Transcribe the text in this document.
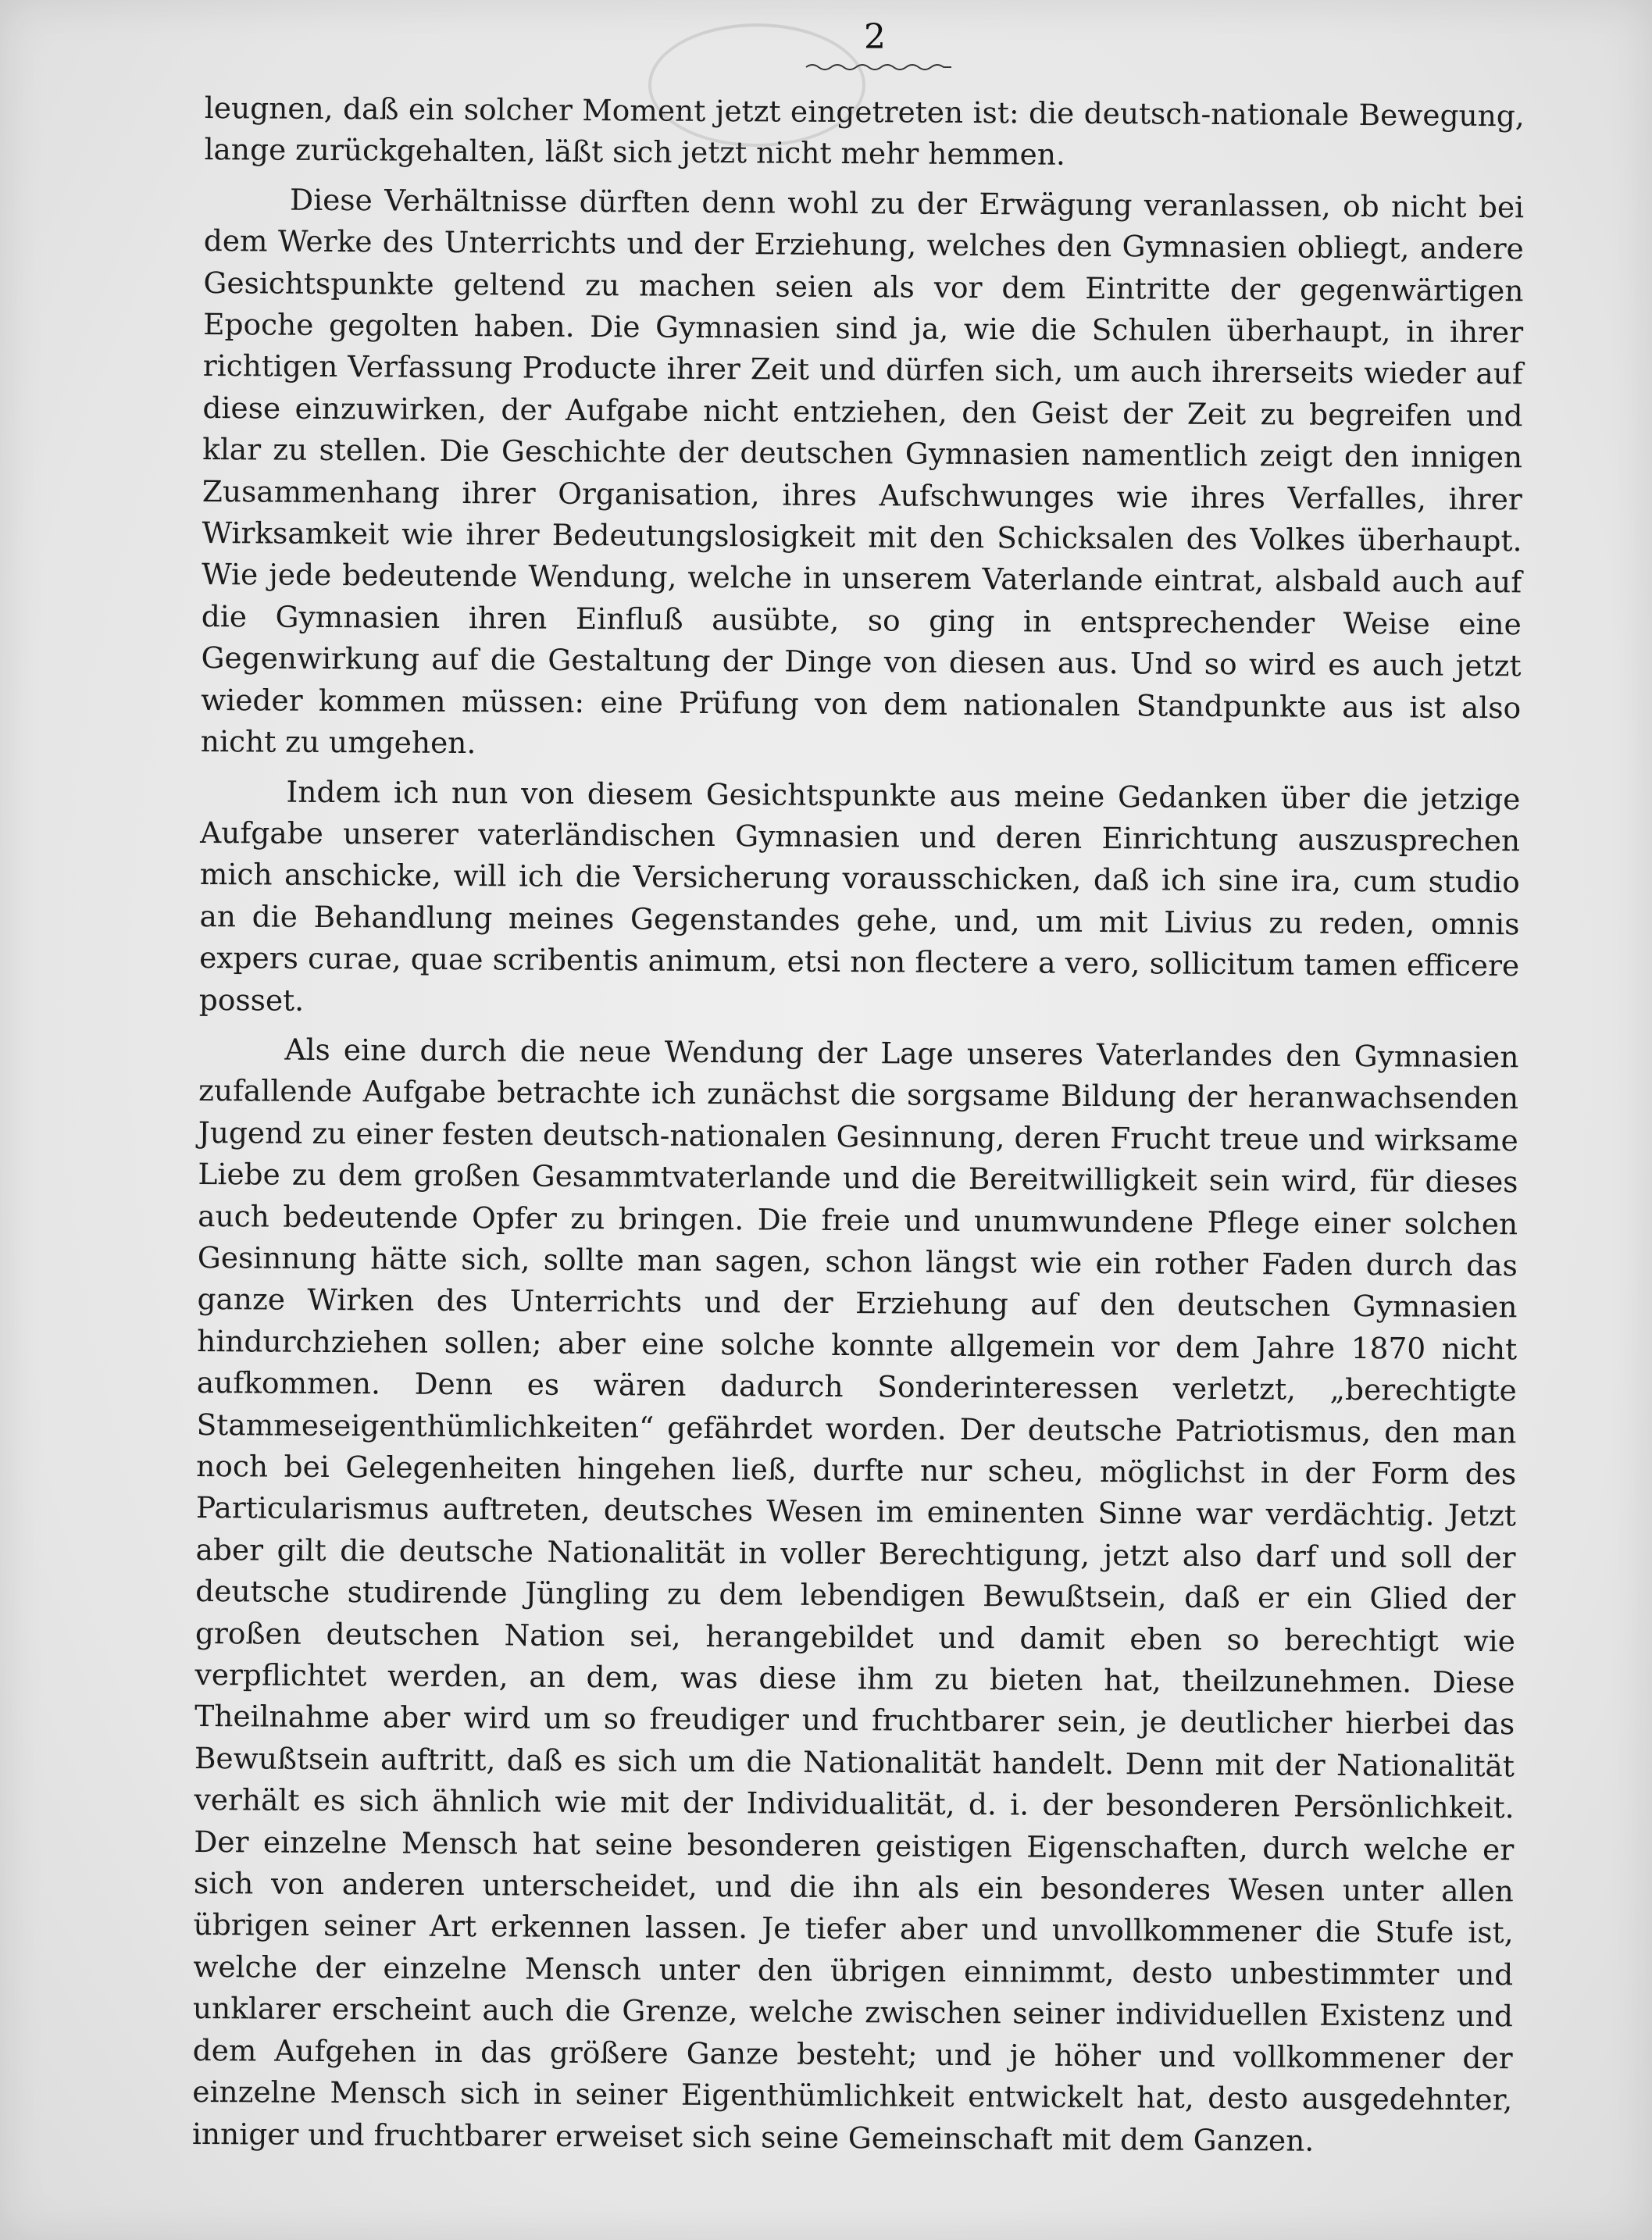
2

leugnen, daß ein solcher Moment jetzt eingetreten ist: die deutsch-nationale Bewegung, lange zurückgehalten, läßt sich jetzt nicht mehr hemmen.

Diese Verhältnisse dürften denn wohl zu der Erwägung veranlassen, ob nicht bei dem Werke des Unterrichts und der Erziehung, welches den Gymnasien obliegt, andere Gesichtspunkte geltend zu machen seien als vor dem Eintritte der gegenwärtigen Epoche gegolten haben. Die Gymnasien sind ja, wie die Schulen überhaupt, in ihrer richtigen Verfassung Producte ihrer Zeit und dürfen sich, um auch ihrerseits wieder auf diese einzuwirken, der Aufgabe nicht entziehen, den Geist der Zeit zu begreifen und klar zu stellen. Die Geschichte der deutschen Gymnasien namentlich zeigt den innigen Zusammenhang ihrer Organisation, ihres Aufschwunges wie ihres Verfalles, ihrer Wirksamkeit wie ihrer Bedeutungslosigkeit mit den Schicksalen des Volkes überhaupt. Wie jede bedeutende Wendung, welche in unserem Vaterlande eintrat, alsbald auch auf die Gymnasien ihren Einfluß ausübte, so ging in entsprechender Weise eine Gegenwirkung auf die Gestaltung der Dinge von diesen aus. Und so wird es auch jetzt wieder kommen müssen: eine Prüfung von dem nationalen Standpunkte aus ist also nicht zu umgehen.

Indem ich nun von diesem Gesichtspunkte aus meine Gedanken über die jetzige Aufgabe unserer vaterländischen Gymnasien und deren Einrichtung auszusprechen mich anschicke, will ich die Versicherung vorausschicken, daß ich sine ira, cum studio an die Behandlung meines Gegenstandes gehe, und, um mit Livius zu reden, omnis expers curae, quae scribentis animum, etsi non flectere a vero, sollicitum tamen efficere posset.

Als eine durch die neue Wendung der Lage unseres Vaterlandes den Gymnasien zufallende Aufgabe betrachte ich zunächst die sorgsame Bildung der heranwachsenden Jugend zu einer festen deutsch-nationalen Gesinnung, deren Frucht treue und wirksame Liebe zu dem großen Gesammtvaterlande und die Bereitwilligkeit sein wird, für dieses auch bedeutende Opfer zu bringen. Die freie und unumwundene Pflege einer solchen Gesinnung hätte sich, sollte man sagen, schon längst wie ein rother Faden durch das ganze Wirken des Unterrichts und der Erziehung auf den deutschen Gymnasien hindurchziehen sollen; aber eine solche konnte allgemein vor dem Jahre 1870 nicht aufkommen. Denn es wären dadurch Sonderinteressen verletzt, „berechtigte Stammeseigenthümlichkeiten“ gefährdet worden. Der deutsche Patriotismus, den man noch bei Gelegenheiten hingehen ließ, durfte nur scheu, möglichst in der Form des Particularismus auftreten, deutsches Wesen im eminenten Sinne war verdächtig. Jetzt aber gilt die deutsche Nationalität in voller Berechtigung, jetzt also darf und soll der deutsche studirende Jüngling zu dem lebendigen Bewußtsein, daß er ein Glied der großen deutschen Nation sei, herangebildet und damit eben so berechtigt wie verpflichtet werden, an dem, was diese ihm zu bieten hat, theilzunehmen. Diese Theilnahme aber wird um so freudiger und fruchtbarer sein, je deutlicher hierbei das Bewußtsein auftritt, daß es sich um die Nationalität handelt. Denn mit der Nationalität verhält es sich ähnlich wie mit der Individualität, d. i. der besonderen Persönlichkeit. Der einzelne Mensch hat seine besonderen geistigen Eigenschaften, durch welche er sich von anderen unterscheidet, und die ihn als ein besonderes Wesen unter allen übrigen seiner Art erkennen lassen. Je tiefer aber und unvollkommener die Stufe ist, welche der einzelne Mensch unter den übrigen einnimmt, desto unbestimmter und unklarer erscheint auch die Grenze, welche zwischen seiner individuellen Existenz und dem Aufgehen in das größere Ganze besteht; und je höher und vollkommener der einzelne Mensch sich in seiner Eigenthümlichkeit entwickelt hat, desto ausgedehnter, inniger und fruchtbarer erweiset sich seine Gemeinschaft mit dem Ganzen.
